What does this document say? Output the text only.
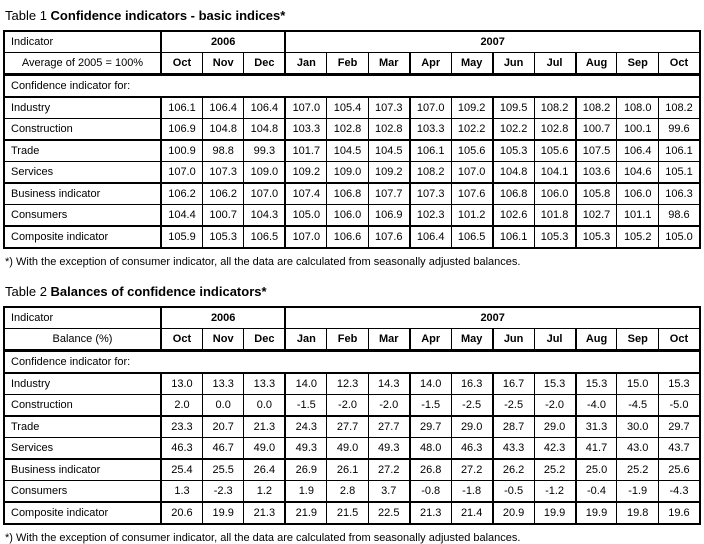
Table 1 Confidence indicators - basic indices*
Indicator	2006			2007									
Average of 2005 = 100%	Oct	Nov	Dec	Jan	Feb	Mar	Apr	May	Jun	Jul	Aug	Sep	Oct
Confidence indicator for:													
Industry	106.1	106.4	106.4	107.0	105.4	107.3	107.0	109.2	109.5	108.2	108.2	108.0	108.2
Construction	106.9	104.8	104.8	103.3	102.8	102.8	103.3	102.2	102.2	102.8	100.7	100.1	99.6
Trade	100.9	98.8	99.3	101.7	104.5	104.5	106.1	105.6	105.3	105.6	107.5	106.4	106.1
Services	107.0	107.3	109.0	109.2	109.0	109.2	108.2	107.0	104.8	104.1	103.6	104.6	105.1
Business indicator	106.2	106.2	107.0	107.4	106.8	107.7	107.3	107.6	106.8	106.0	105.8	106.0	106.3
Consumers	104.4	100.7	104.3	105.0	106.0	106.9	102.3	101.2	102.6	101.8	102.7	101.1	98.6
Composite indicator	105.9	105.3	106.5	107.0	106.6	107.6	106.4	106.5	106.1	105.3	105.3	105.2	105.0
*) With the exception of consumer indicator, all the data are calculated from seasonally adjusted balances.
Table 2 Balances of confidence indicators*
Indicator	2006			2007									
Balance (%)	Oct	Nov	Dec	Jan	Feb	Mar	Apr	May	Jun	Jul	Aug	Sep	Oct
Confidence indicator for:													
Industry	13.0	13.3	13.3	14.0	12.3	14.3	14.0	16.3	16.7	15.3	15.3	15.0	15.3
Construction	2.0	0.0	0.0	-1.5	-2.0	-2.0	-1.5	-2.5	-2.5	-2.0	-4.0	-4.5	-5.0
Trade	23.3	20.7	21.3	24.3	27.7	27.7	29.7	29.0	28.7	29.0	31.3	30.0	29.7
Services	46.3	46.7	49.0	49.3	49.0	49.3	48.0	46.3	43.3	42.3	41.7	43.0	43.7
Business indicator	25.4	25.5	26.4	26.9	26.1	27.2	26.8	27.2	26.2	25.2	25.0	25.2	25.6
Consumers	1.3	-2.3	1.2	1.9	2.8	3.7	-0.8	-1.8	-0.5	-1.2	-0.4	-1.9	-4.3
Composite indicator	20.6	19.9	21.3	21.9	21.5	22.5	21.3	21.4	20.9	19.9	19.9	19.8	19.6
*) With the exception of consumer indicator, all the data are calculated from seasonally adjusted balances.
